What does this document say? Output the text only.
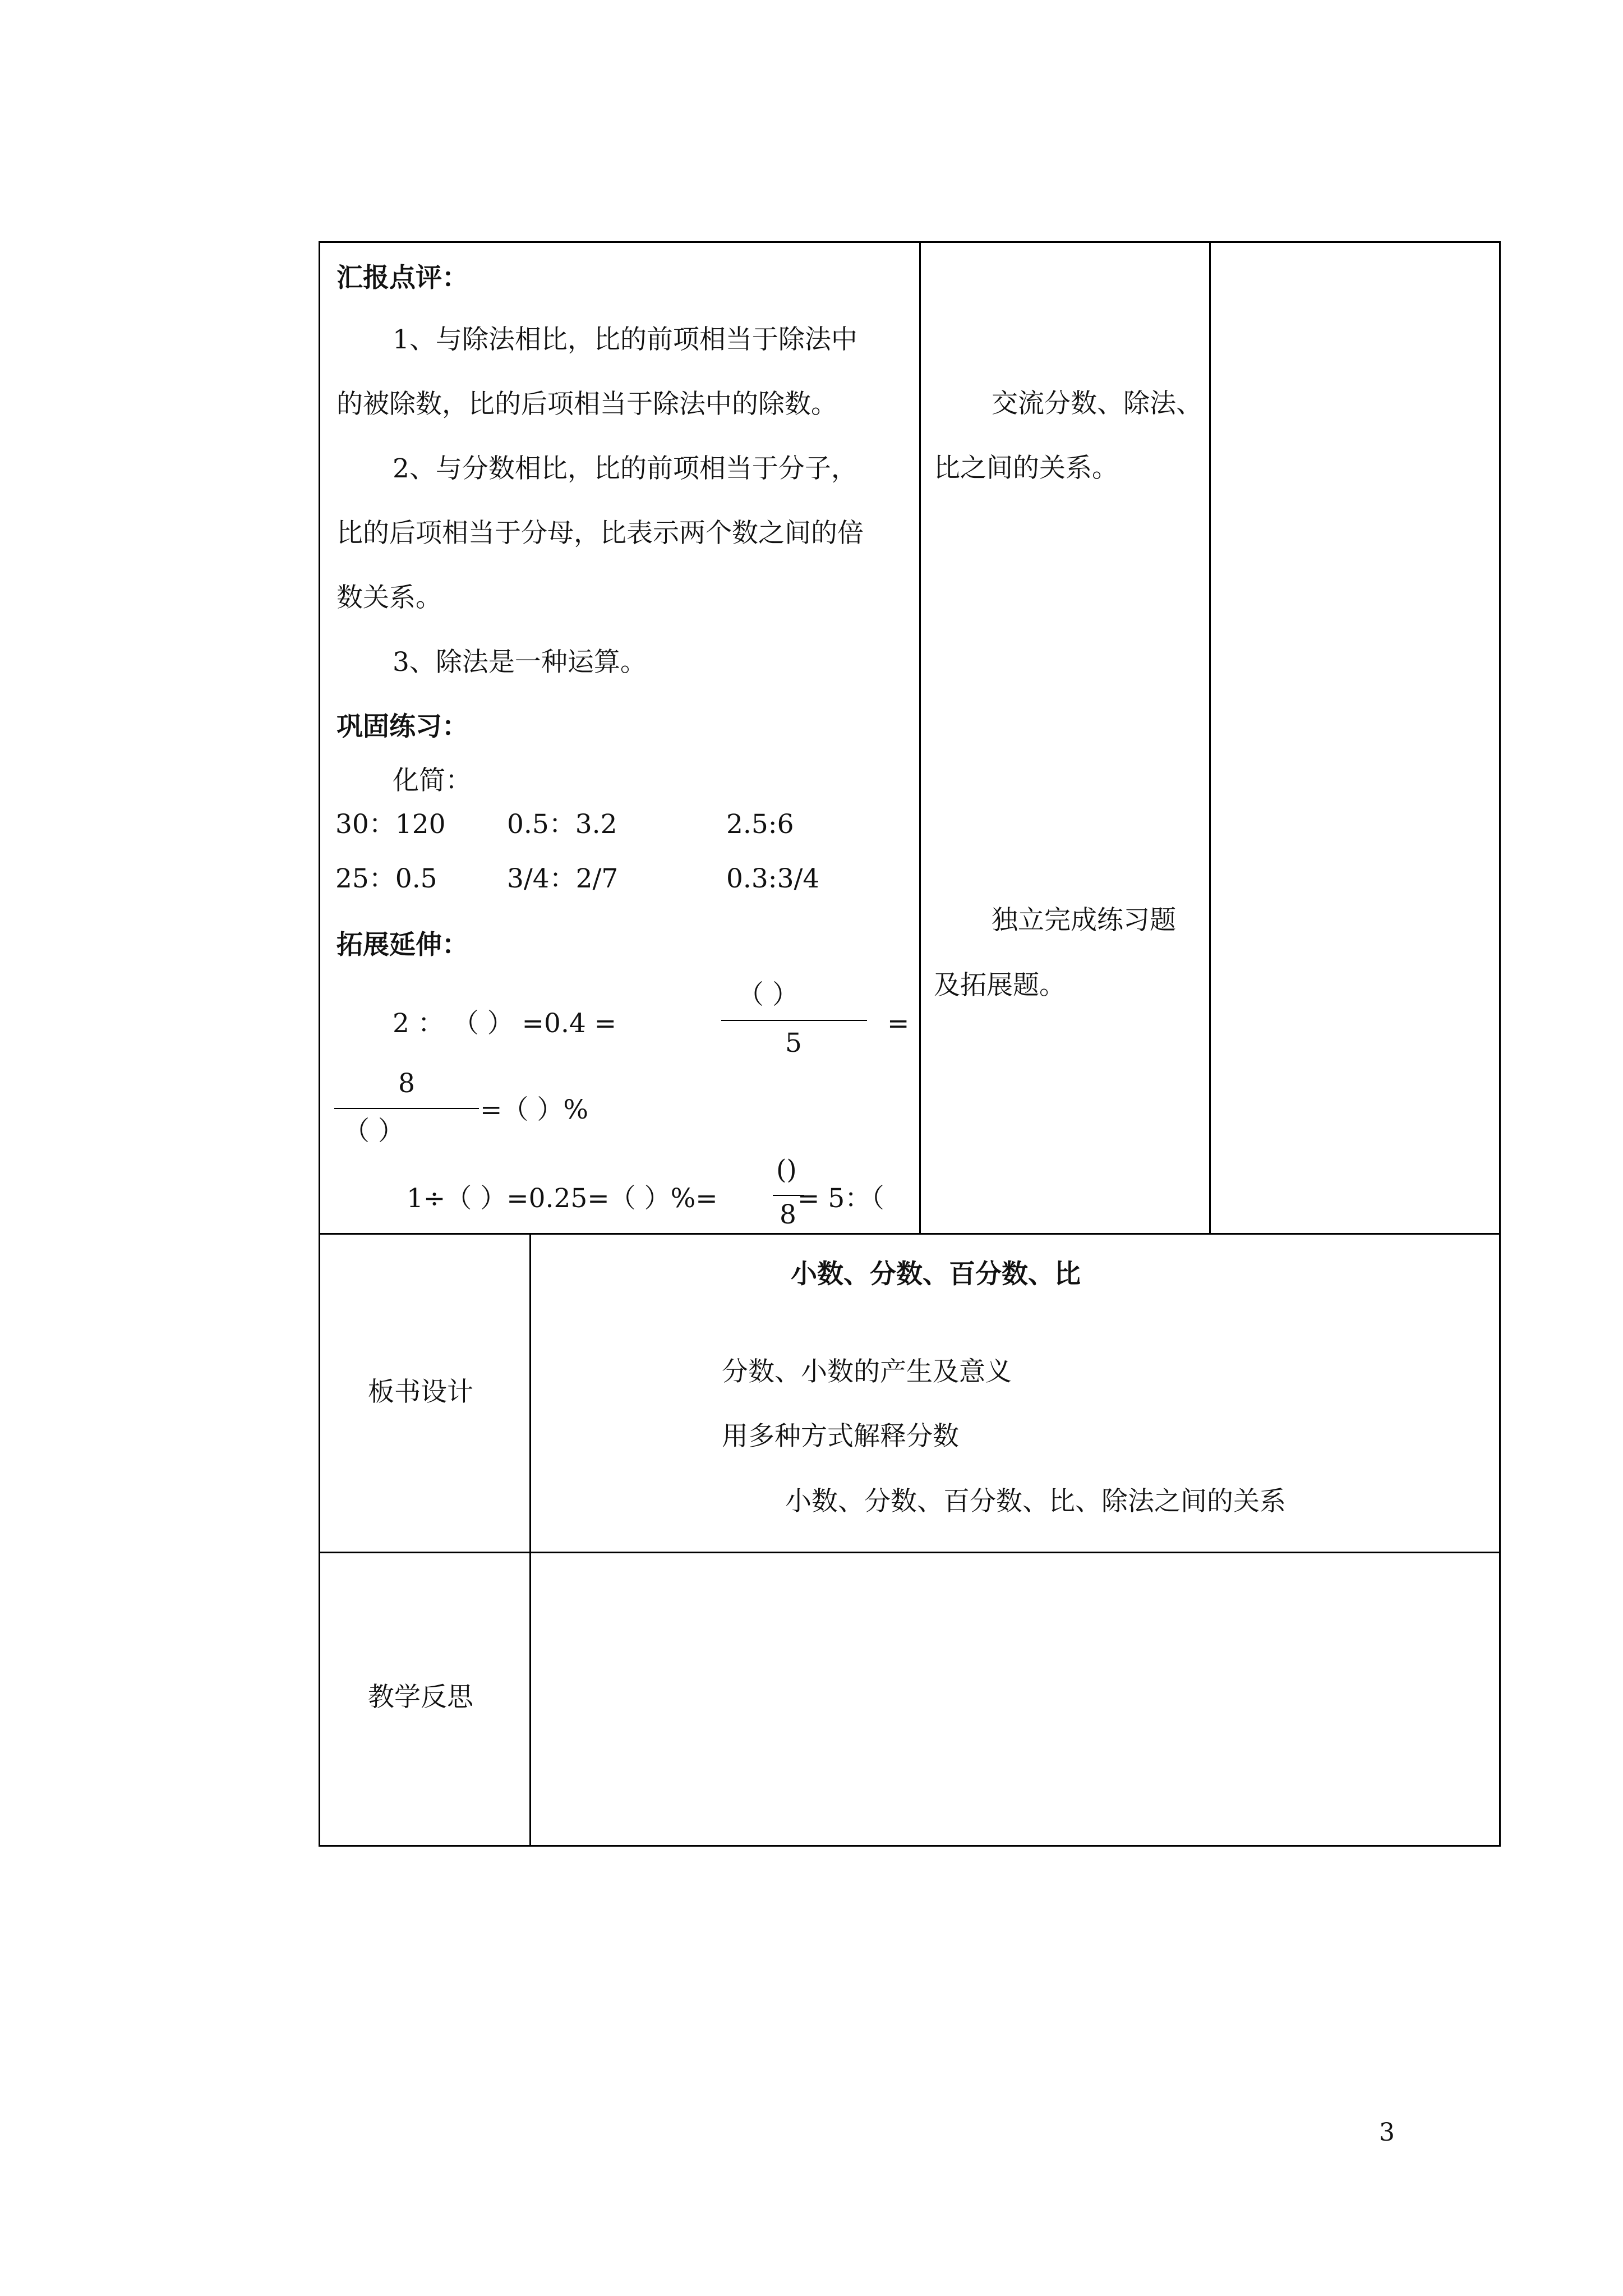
汇报点评：
1、与除法相比，比的前项相当于除法中
的被除数，比的后项相当于除法中的除数。
2、与分数相比，比的前项相当于分子，
比的后项相当于分母，比表示两个数之间的倍
数关系。
3、除法是一种运算。
巩固练习：
化简：
30：120 0.5：3.2	2.5:6
25：0.5	3/4：2/7	0.3:3/4
拓展延伸：
2 ： （ ） =0.4 =
（ ）
5
=
8
（ ）
=（ ）%
1÷（ ）=0.25=（ ）%=
()
8
= 5：（
交流分数、除法、
比之间的关系。
独立完成练习题
及拓展题。
板书设计
小数、分数、百分数、比
分数、小数的产生及意义
用多种方式解释分数
小数、分数、百分数、比、除法之间的关系
教学反思
3
